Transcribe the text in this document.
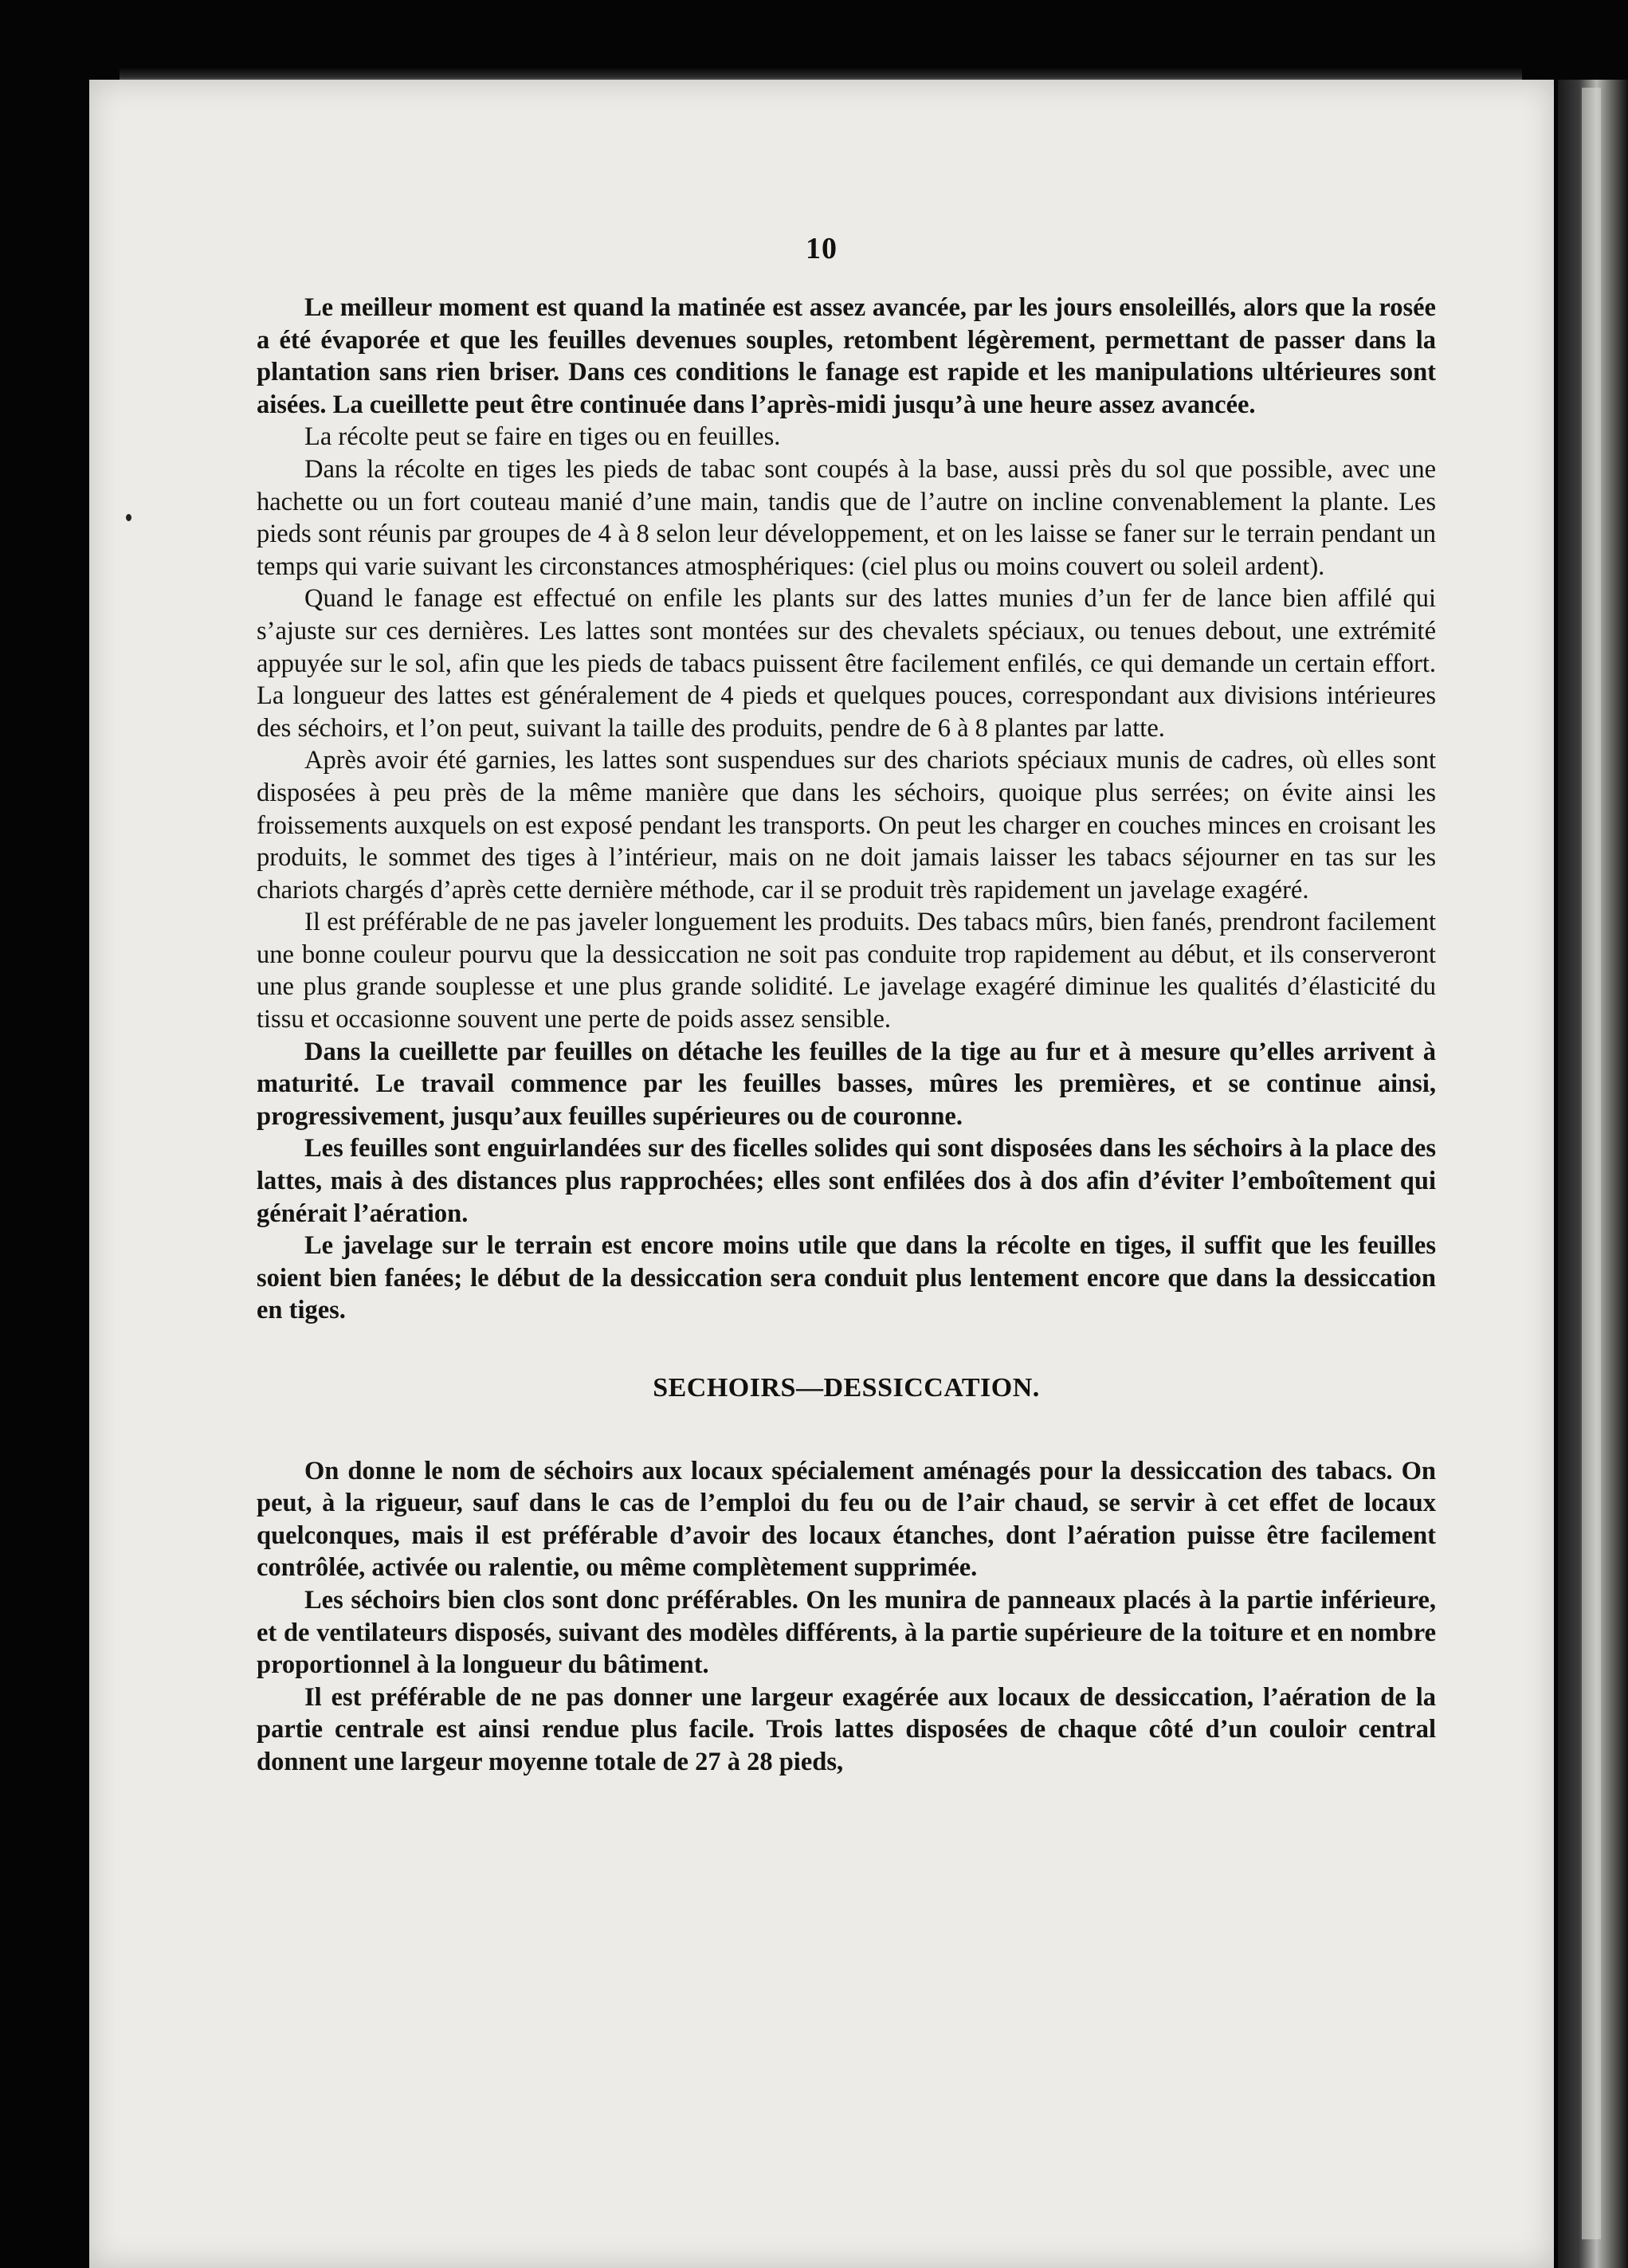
10

Le meilleur moment est quand la matinée est assez avancée, par les jours ensoleillés, alors que la rosée a été évaporée et que les feuilles devenues souples, retombent légèrement, permettant de passer dans la plantation sans rien briser. Dans ces conditions le fanage est rapide et les manipulations ultérieures sont aisées. La cueillette peut être continuée dans l’après-midi jusqu’à une heure assez avancée.

La récolte peut se faire en tiges ou en feuilles.

Dans la récolte en tiges les pieds de tabac sont coupés à la base, aussi près du sol que possible, avec une hachette ou un fort couteau manié d’une main, tandis que de l’autre on incline convenablement la plante. Les pieds sont réunis par groupes de 4 à 8 selon leur développement, et on les laisse se faner sur le terrain pendant un temps qui varie suivant les circonstances atmosphériques: (ciel plus ou moins couvert ou soleil ardent).

Quand le fanage est effectué on enfile les plants sur des lattes munies d’un fer de lance bien affilé qui s’ajuste sur ces dernières. Les lattes sont montées sur des chevalets spéciaux, ou tenues debout, une extrémité appuyée sur le sol, afin que les pieds de tabacs puissent être facilement enfilés, ce qui demande un certain effort. La longueur des lattes est généralement de 4 pieds et quelques pouces, correspondant aux divisions intérieures des séchoirs, et l’on peut, suivant la taille des produits, pendre de 6 à 8 plantes par latte.

Après avoir été garnies, les lattes sont suspendues sur des chariots spéciaux munis de cadres, où elles sont disposées à peu près de la même manière que dans les séchoirs, quoique plus serrées; on évite ainsi les froissements auxquels on est exposé pendant les transports. On peut les charger en couches minces en croisant les produits, le sommet des tiges à l’intérieur, mais on ne doit jamais laisser les tabacs séjourner en tas sur les chariots chargés d’après cette dernière méthode, car il se produit très rapidement un javelage exagéré.

Il est préférable de ne pas javeler longuement les produits. Des tabacs mûrs, bien fanés, prendront facilement une bonne couleur pourvu que la dessiccation ne soit pas conduite trop rapidement au début, et ils conserveront une plus grande souplesse et une plus grande solidité. Le javelage exagéré diminue les qualités d’élasticité du tissu et occasionne souvent une perte de poids assez sensible.

Dans la cueillette par feuilles on détache les feuilles de la tige au fur et à mesure qu’elles arrivent à maturité. Le travail commence par les feuilles basses, mûres les premières, et se continue ainsi, progressivement, jusqu’aux feuilles supérieures ou de couronne.

Les feuilles sont enguirlandées sur des ficelles solides qui sont disposées dans les séchoirs à la place des lattes, mais à des distances plus rapprochées; elles sont enfilées dos à dos afin d’éviter l’emboîtement qui générait l’aération.

Le javelage sur le terrain est encore moins utile que dans la récolte en tiges, il suffit que les feuilles soient bien fanées; le début de la dessiccation sera conduit plus lentement encore que dans la dessiccation en tiges.

SECHOIRS—DESSICCATION.

On donne le nom de séchoirs aux locaux spécialement aménagés pour la dessiccation des tabacs. On peut, à la rigueur, sauf dans le cas de l’emploi du feu ou de l’air chaud, se servir à cet effet de locaux quelconques, mais il est préférable d’avoir des locaux étanches, dont l’aération puisse être facilement contrôlée, activée ou ralentie, ou même complètement supprimée.

Les séchoirs bien clos sont donc préférables. On les munira de panneaux placés à la partie inférieure, et de ventilateurs disposés, suivant des modèles différents, à la partie supérieure de la toiture et en nombre proportionnel à la longueur du bâtiment.

Il est préférable de ne pas donner une largeur exagérée aux locaux de dessiccation, l’aération de la partie centrale est ainsi rendue plus facile. Trois lattes disposées de chaque côté d’un couloir central donnent une largeur moyenne totale de 27 à 28 pieds,
